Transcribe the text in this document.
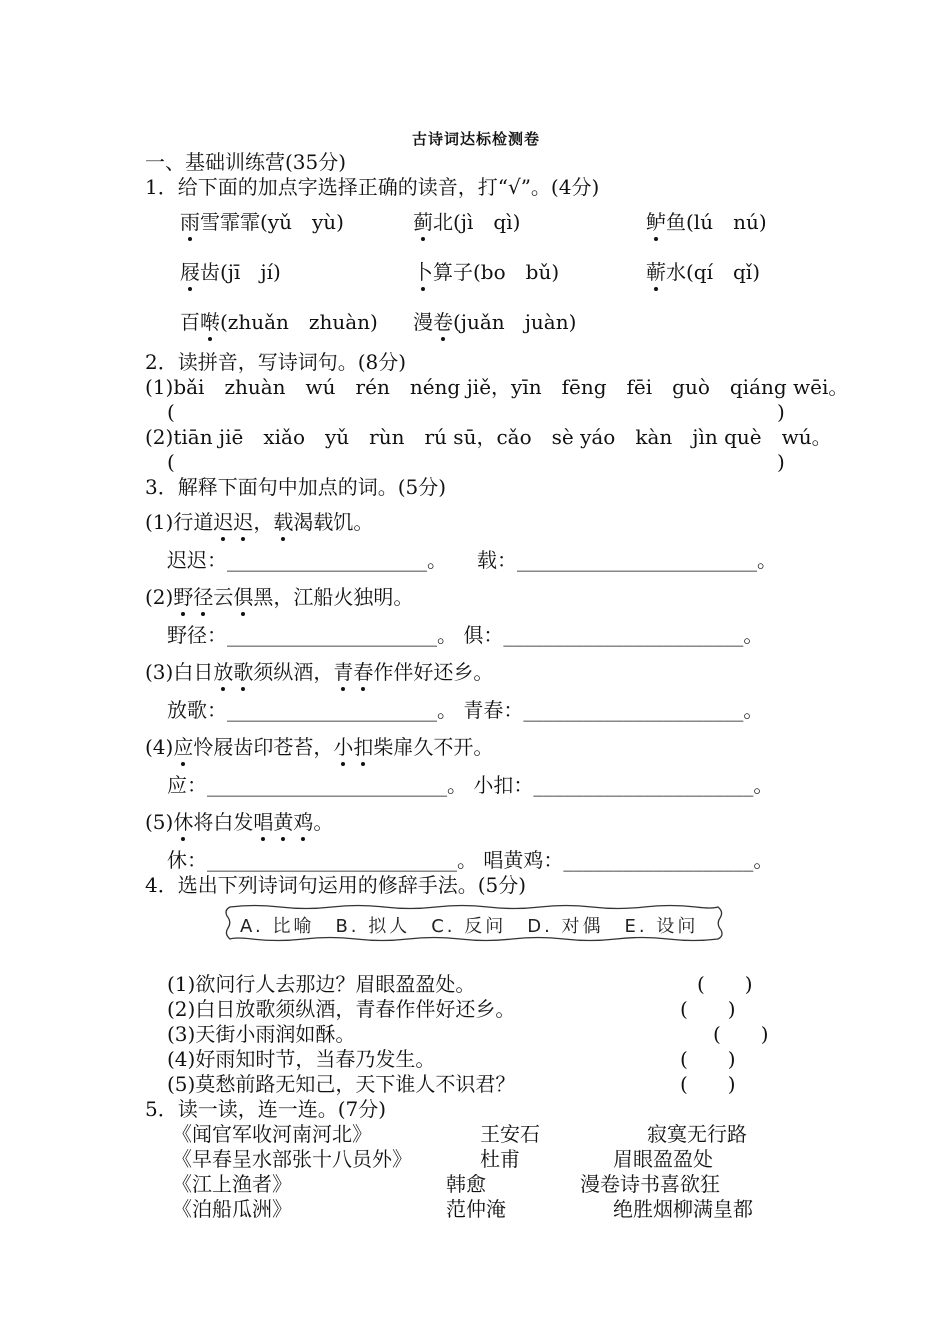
古诗词达标检测卷
一、基础训练营(35分)
1．给下面的加点字选择正确的读音，打“√”。(4分)
雨雪霏霏(yǔ　yù)	蓟北(jì　qì)	鲈鱼(lú　nú)
屐齿(jī　jí)	卜算子(bo　bǔ)	蕲水(qí　qǐ)
百啭(zhuǎn　zhuàn) 漫卷(juǎn　juàn)
2．读拼音，写诗词句。(8分)
(1)bǎi　zhuàn　wú　rén　néng jiě，yīn　fēng　fēi　guò　qiáng wēi。
(	)
(2)tiān jiē　xiǎo　yǔ　rùn　rú sū，cǎo　sè yáo　kàn　jìn què　wú。
(	)
3．解释下面句中加点的词。(5分)
(1)行道迟迟，载渴载饥。
迟迟：____________________。　　载：________________________。
(2)野径云俱黑，江船火独明。
野径：_____________________。 俱：________________________。
(3)白日放歌须纵酒，青春作伴好还乡。
放歌：_____________________。 青春：______________________。
(4)应怜屐齿印苍苔，小扣柴扉久不开。
应：________________________。 小扣：______________________。
(5)休将白发唱黄鸡。
休：_________________________。 唱黄鸡：___________________。
4．选出下列诗词句运用的修辞手法。(5分)
A. 比喻　B. 拟人　C. 反问　D. 对偶　E. 设问
(1)欲问行人去那边？眉眼盈盈处。	(　　)
(2)白日放歌须纵酒，青春作伴好还乡。	(　　)
(3)天街小雨润如酥。	(　　)
(4)好雨知时节，当春乃发生。	(　　)
(5)莫愁前路无知己，天下谁人不识君？	(　　)
5．读一读，连一连。(7分)
《闻官军收河南河北》	王安石	寂寞无行路
《早春呈水部张十八员外》	杜甫	眉眼盈盈处
《江上渔者》	韩愈	漫卷诗书喜欲狂
《泊船瓜洲》	范仲淹	绝胜烟柳满皇都
